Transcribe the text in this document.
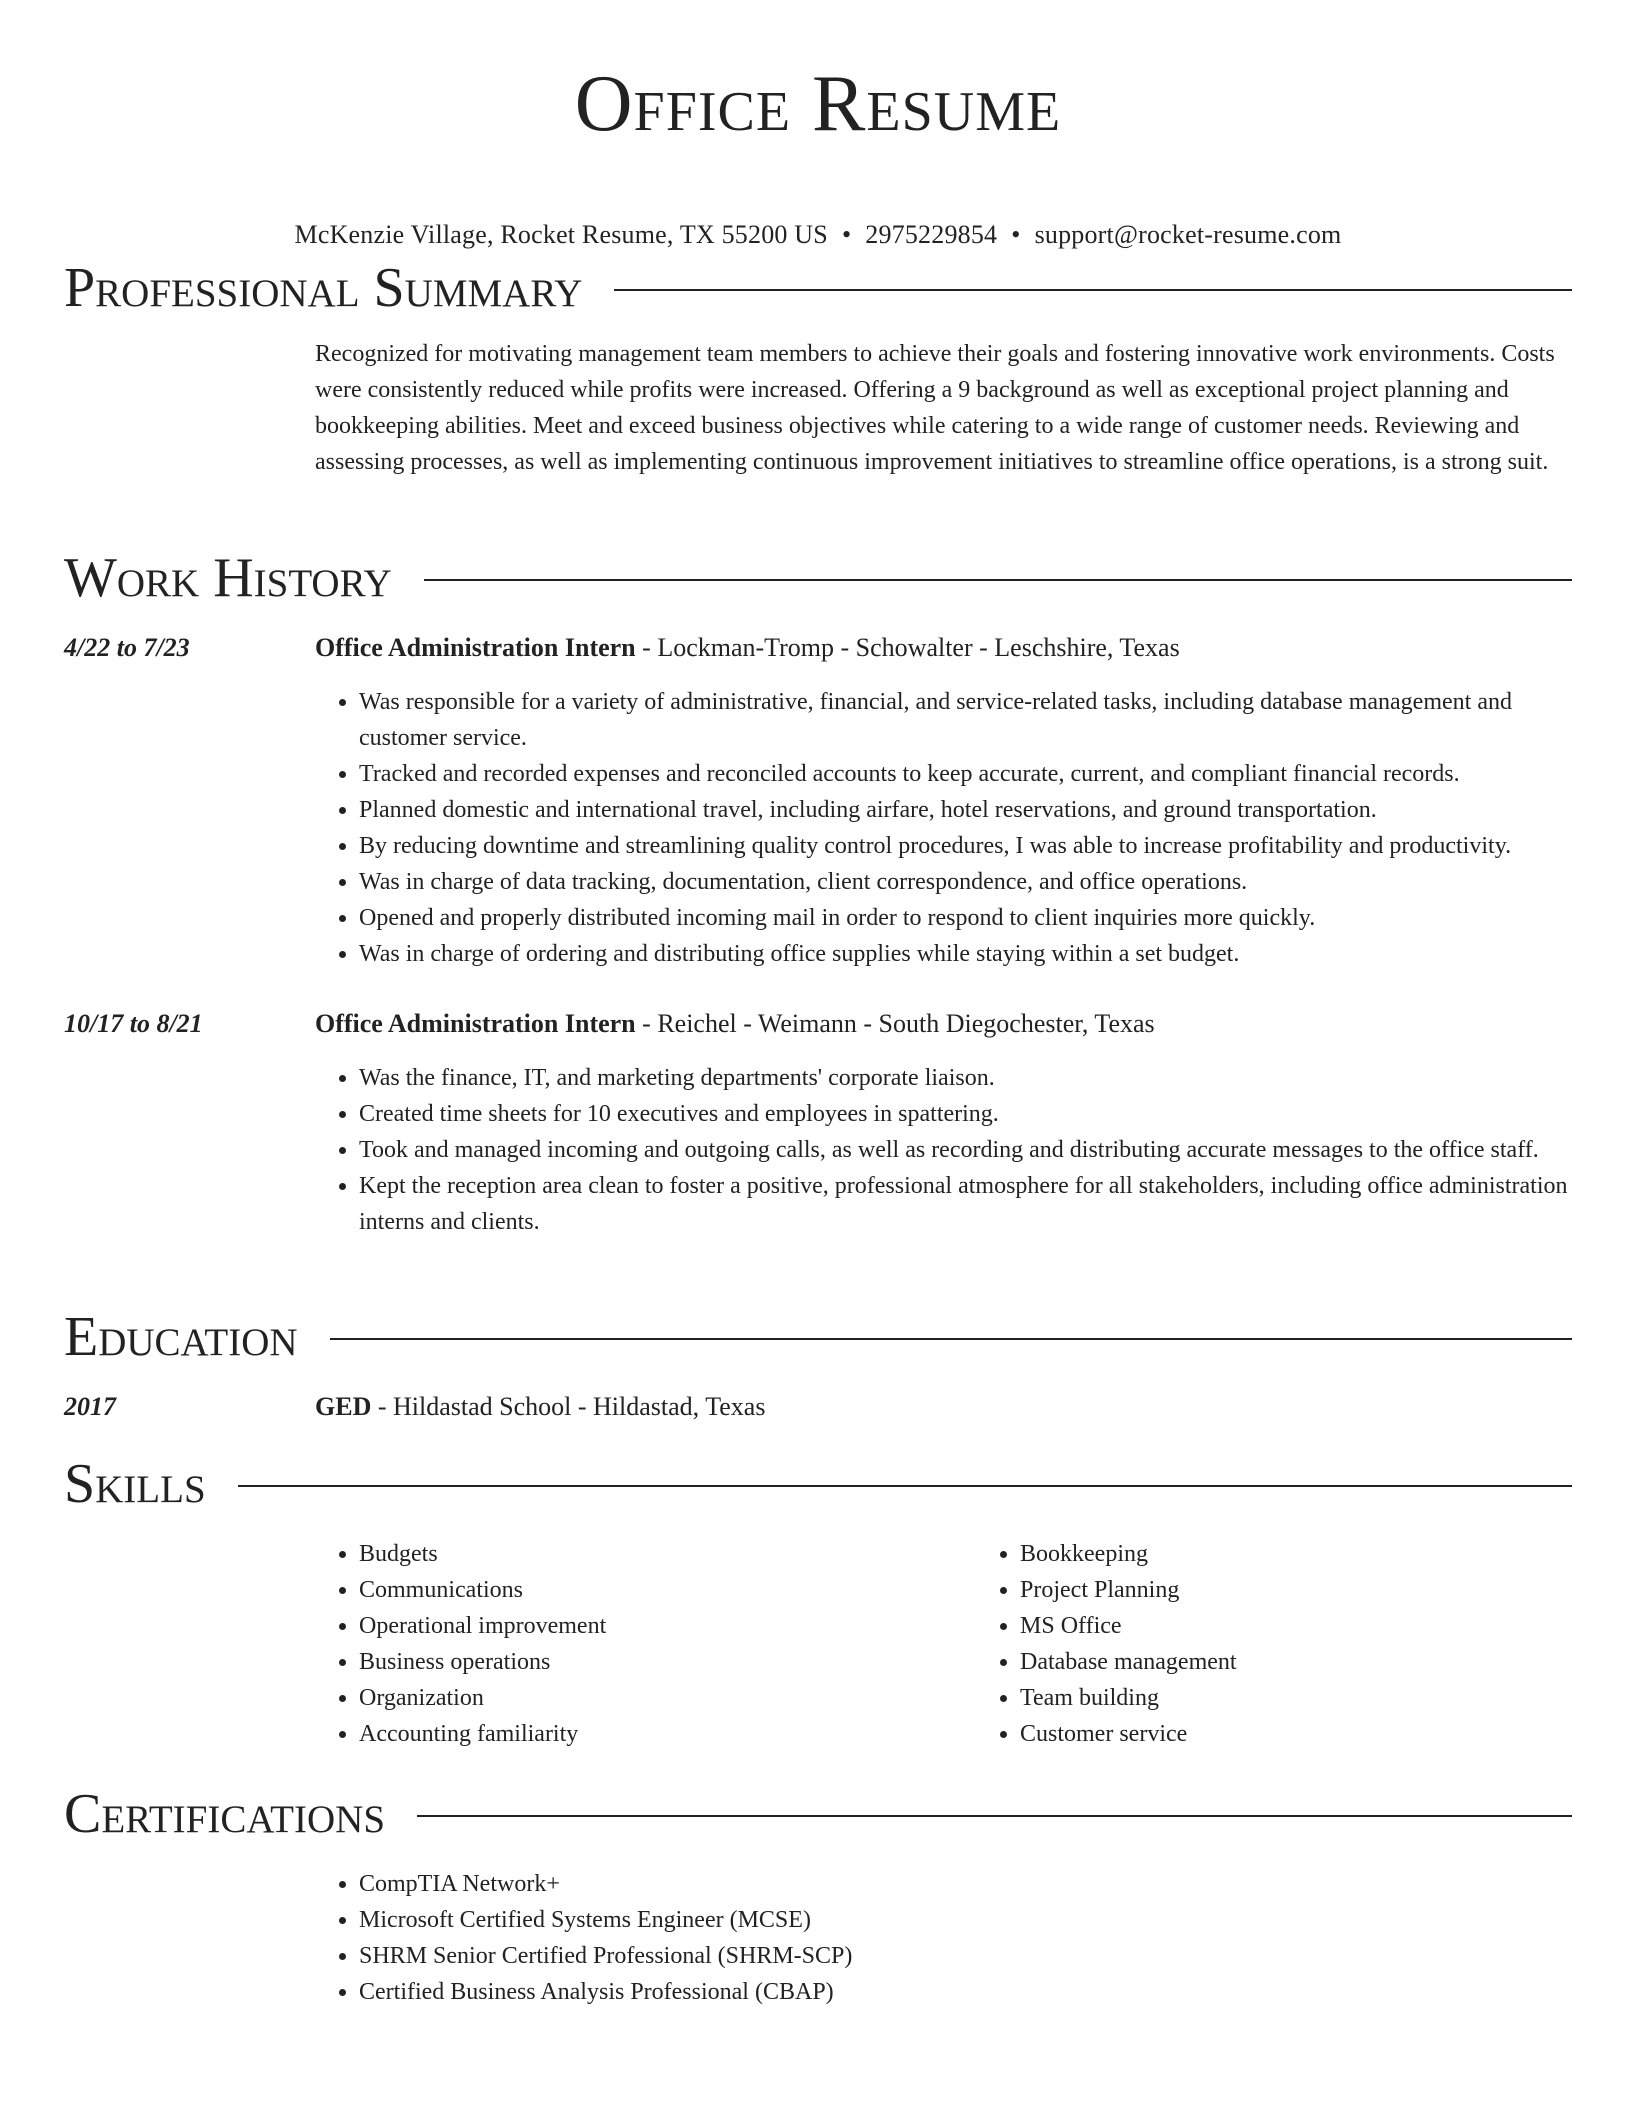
Office Resume
McKenzie Village, Rocket Resume, TX 55200 US • 2975229854 • support@rocket-resume.com
Professional Summary
Recognized for motivating management team members to achieve their goals and fostering innovative work environments. Costs were consistently reduced while profits were increased. Offering a 9 background as well as exceptional project planning and bookkeeping abilities. Meet and exceed business objectives while catering to a wide range of customer needs. Reviewing and assessing processes, as well as implementing continuous improvement initiatives to streamline office operations, is a strong suit.
Work History
4/22 to 7/23	Office Administration Intern - Lockman-Tromp - Schowalter - Leschshire, Texas
• Was responsible for a variety of administrative, financial, and service-related tasks, including database management and customer service.
• Tracked and recorded expenses and reconciled accounts to keep accurate, current, and compliant financial records.
• Planned domestic and international travel, including airfare, hotel reservations, and ground transportation.
• By reducing downtime and streamlining quality control procedures, I was able to increase profitability and productivity.
• Was in charge of data tracking, documentation, client correspondence, and office operations.
• Opened and properly distributed incoming mail in order to respond to client inquiries more quickly.
• Was in charge of ordering and distributing office supplies while staying within a set budget.
10/17 to 8/21	Office Administration Intern - Reichel - Weimann - South Diegochester, Texas
• Was the finance, IT, and marketing departments' corporate liaison.
• Created time sheets for 10 executives and employees in spattering.
• Took and managed incoming and outgoing calls, as well as recording and distributing accurate messages to the office staff.
• Kept the reception area clean to foster a positive, professional atmosphere for all stakeholders, including office administration interns and clients.
Education
2017	GED - Hildastad School - Hildastad, Texas
Skills
• Budgets
• Communications
• Operational improvement
• Business operations
• Organization
• Accounting familiarity
• Bookkeeping
• Project Planning
• MS Office
• Database management
• Team building
• Customer service
Certifications
• CompTIA Network+
• Microsoft Certified Systems Engineer (MCSE)
• SHRM Senior Certified Professional (SHRM-SCP)
• Certified Business Analysis Professional (CBAP)
